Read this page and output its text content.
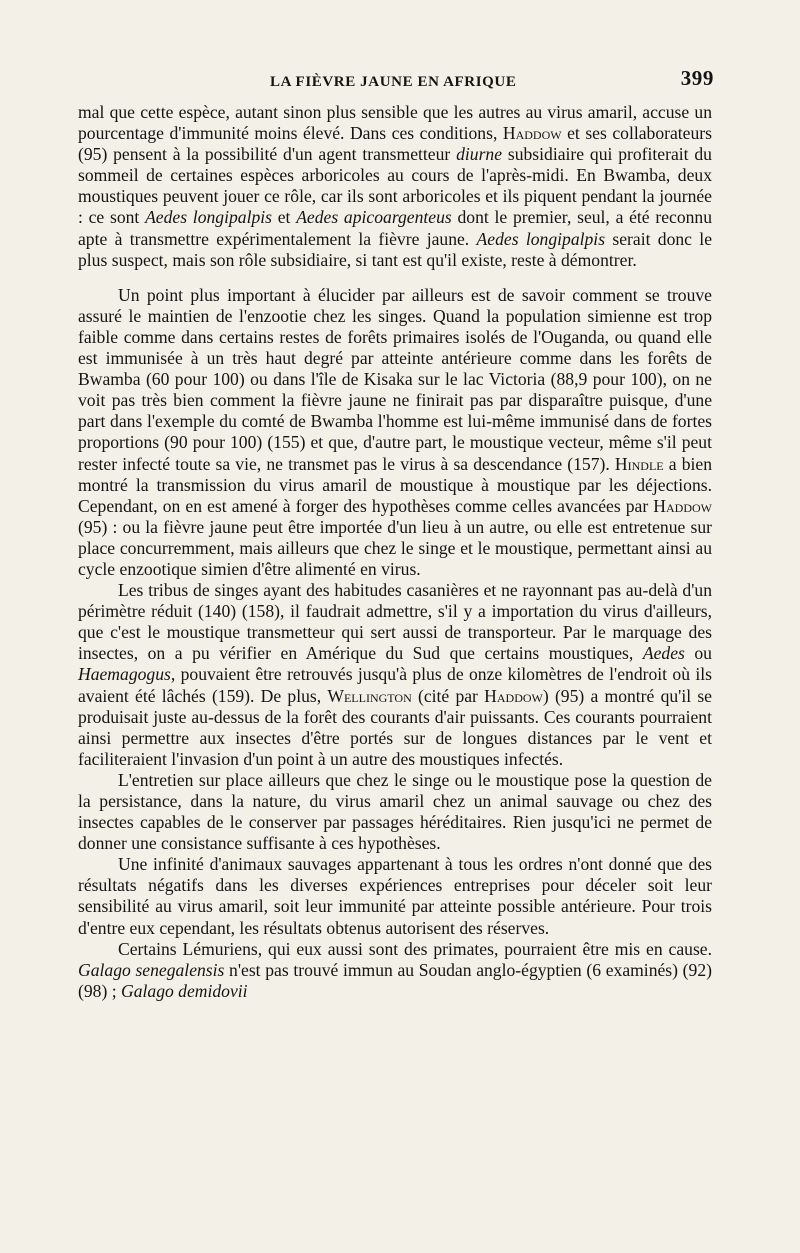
LA FIÈVRE JAUNE EN AFRIQUE	399

mal que cette espèce, autant sinon plus sensible que les autres au virus amaril, accuse un pourcentage d'immunité moins élevé. Dans ces conditions, Haddow et ses collaborateurs (95) pensent à la possibilité d'un agent transmetteur diurne subsidiaire qui profiterait du sommeil de certaines espèces arboricoles au cours de l'après-midi. En Bwamba, deux moustiques peuvent jouer ce rôle, car ils sont arboricoles et ils piquent pendant la journée : ce sont Aedes longipalpis et Aedes apicoargenteus dont le premier, seul, a été reconnu apte à transmettre expérimentalement la fièvre jaune. Aedes longipalpis serait donc le plus suspect, mais son rôle subsidiaire, si tant est qu'il existe, reste à démontrer.

Un point plus important à élucider par ailleurs est de savoir comment se trouve assuré le maintien de l'enzootie chez les singes. Quand la population simienne est trop faible comme dans certains restes de forêts primaires isolés de l'Ouganda, ou quand elle est immunisée à un très haut degré par atteinte antérieure comme dans les forêts de Bwamba (60 pour 100) ou dans l'île de Kisaka sur le lac Victoria (88,9 pour 100), on ne voit pas très bien comment la fièvre jaune ne finirait pas par disparaître puisque, d'une part dans l'exemple du comté de Bwamba l'homme est lui-même immunisé dans de fortes proportions (90 pour 100) (155) et que, d'autre part, le moustique vecteur, même s'il peut rester infecté toute sa vie, ne transmet pas le virus à sa descendance (157). Hindle a bien montré la transmission du virus amaril de moustique à moustique par les déjections. Cependant, on en est amené à forger des hypothèses comme celles avancées par Haddow (95) : ou la fièvre jaune peut être importée d'un lieu à un autre, ou elle est entretenue sur place concurremment, mais ailleurs que chez le singe et le moustique, permettant ainsi au cycle enzootique simien d'être alimenté en virus.

Les tribus de singes ayant des habitudes casanières et ne rayonnant pas au-delà d'un périmètre réduit (140) (158), il faudrait admettre, s'il y a importation du virus d'ailleurs, que c'est le moustique transmetteur qui sert aussi de transporteur. Par le marquage des insectes, on a pu vérifier en Amérique du Sud que certains moustiques, Aedes ou Haemagogus, pouvaient être retrouvés jusqu'à plus de onze kilomètres de l'endroit où ils avaient été lâchés (159). De plus, Wellington (cité par Haddow) (95) a montré qu'il se produisait juste au-dessus de la forêt des courants d'air puissants. Ces courants pourraient ainsi permettre aux insectes d'être portés sur de longues distances par le vent et faciliteraient l'invasion d'un point à un autre des moustiques infectés.

L'entretien sur place ailleurs que chez le singe ou le moustique pose la question de la persistance, dans la nature, du virus amaril chez un animal sauvage ou chez des insectes capables de le conserver par passages héréditaires. Rien jusqu'ici ne permet de donner une consistance suffisante à ces hypothèses.

Une infinité d'animaux sauvages appartenant à tous les ordres n'ont donné que des résultats négatifs dans les diverses expériences entreprises pour déceler soit leur sensibilité au virus amaril, soit leur immunité par atteinte possible antérieure. Pour trois d'entre eux cependant, les résultats obtenus autorisent des réserves.

Certains Lémuriens, qui eux aussi sont des primates, pourraient être mis en cause. Galago senegalensis n'est pas trouvé immun au Soudan anglo-égyptien (6 examinés) (92) (98) ; Galago demidovii
